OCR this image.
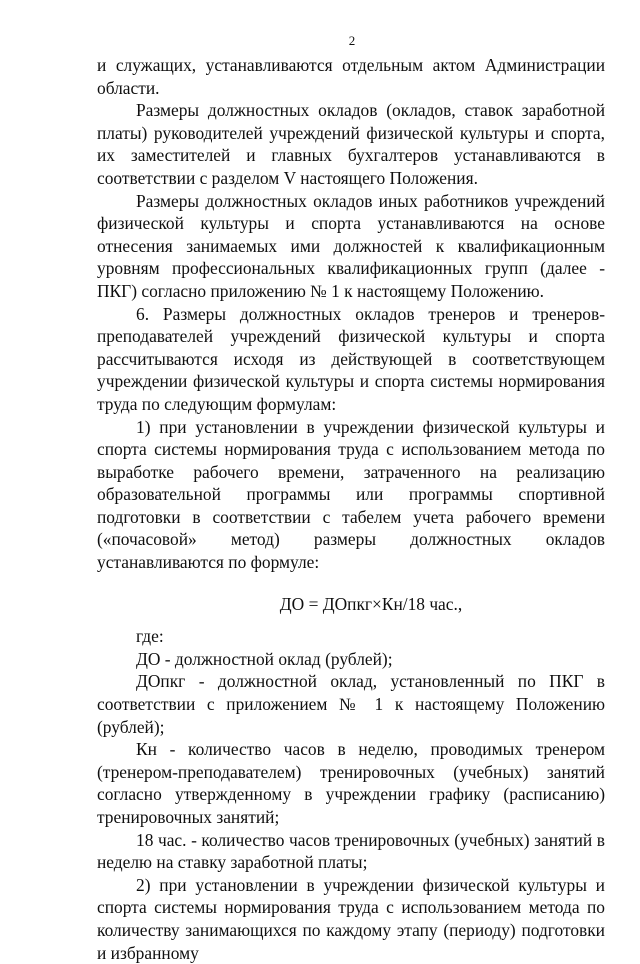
2

и служащих, устанавливаются отдельным актом Администрации области.

Размеры должностных окладов (окладов, ставок заработной платы) руководителей учреждений физической культуры и спорта, их заместителей и главных бухгалтеров устанавливаются в соответствии с разделом V настоящего Положения.

Размеры должностных окладов иных работников учреждений физической культуры и спорта устанавливаются на основе отнесения занимаемых ими должностей к квалификационным уровням профессиональных квалификационных групп (далее - ПКГ) согласно приложению № 1 к настоящему Положению.

6. Размеры должностных окладов тренеров и тренеров-преподавателей учреждений физической культуры и спорта рассчитываются исходя из действующей в соответствующем учреждении физической культуры и спорта системы нормирования труда по следующим формулам:

1) при установлении в учреждении физической культуры и спорта системы нормирования труда с использованием метода по выработке рабочего времени, затраченного на реализацию образовательной программы или программы спортивной подготовки в соответствии с табелем учета рабочего времени («почасовой» метод) размеры должностных окладов устанавливаются по формуле:

ДО = ДОпкг×Кн/18 час.,

где:

ДО - должностной оклад (рублей);

ДОпкг - должностной оклад, установленный по ПКГ в соответствии с приложением № 1 к настоящему Положению (рублей);

Кн - количество часов в неделю, проводимых тренером (тренером-преподавателем) тренировочных (учебных) занятий согласно утвержденному в учреждении графику (расписанию) тренировочных занятий;

18 час. - количество часов тренировочных (учебных) занятий в неделю на ставку заработной платы;

2) при установлении в учреждении физической культуры и спорта системы нормирования труда с использованием метода по количеству занимающихся по каждому этапу (периоду) подготовки и избранному
